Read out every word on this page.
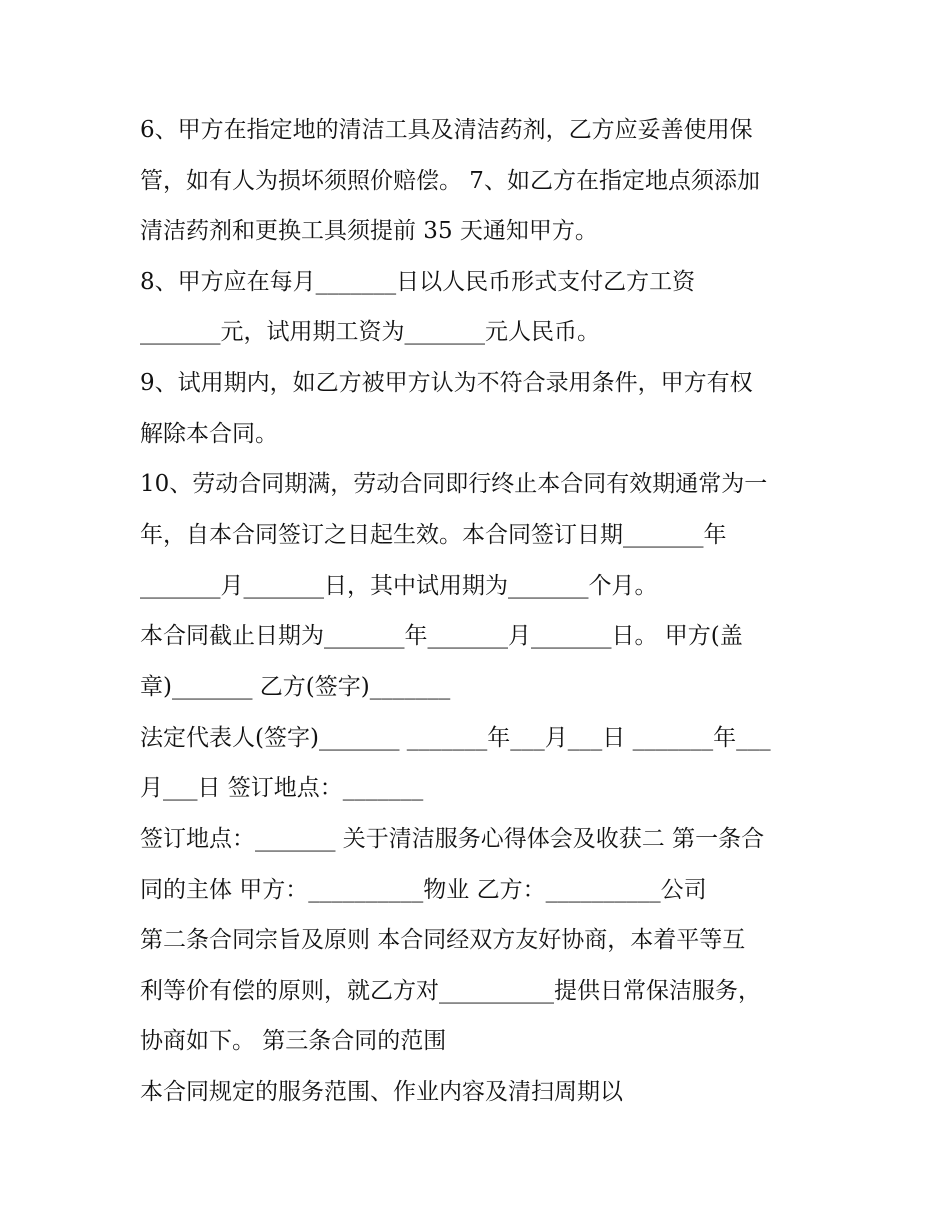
6、甲方在指定地的清洁工具及清洁药剂，乙方应妥善使用保
管，如有人为损坏须照价赔偿。 7、如乙方在指定地点须添加
清洁药剂和更换工具须提前 35 天通知甲方。
8、甲方应在每月_______日以人民币形式支付乙方工资
_______元，试用期工资为_______元人民币。
9、试用期内，如乙方被甲方认为不符合录用条件，甲方有权
解除本合同。
10、劳动合同期满，劳动合同即行终止本合同有效期通常为一
年，自本合同签订之日起生效。本合同签订日期_______年
_______月_______日，其中试用期为_______个月。
本合同截止日期为_______年_______月_______日。 甲方(盖
章)_______ 乙方(签字)_______
法定代表人(签字)_______ _______年___月___日 _______年___
月___日 签订地点：_______
签订地点：_______ 关于清洁服务心得体会及收获二 第一条合
同的主体 甲方：__________物业 乙方：__________公司
第二条合同宗旨及原则 本合同经双方友好协商，本着平等互
利等价有偿的原则，就乙方对__________提供日常保洁服务，
协商如下。 第三条合同的范围
本合同规定的服务范围、作业内容及清扫周期以
